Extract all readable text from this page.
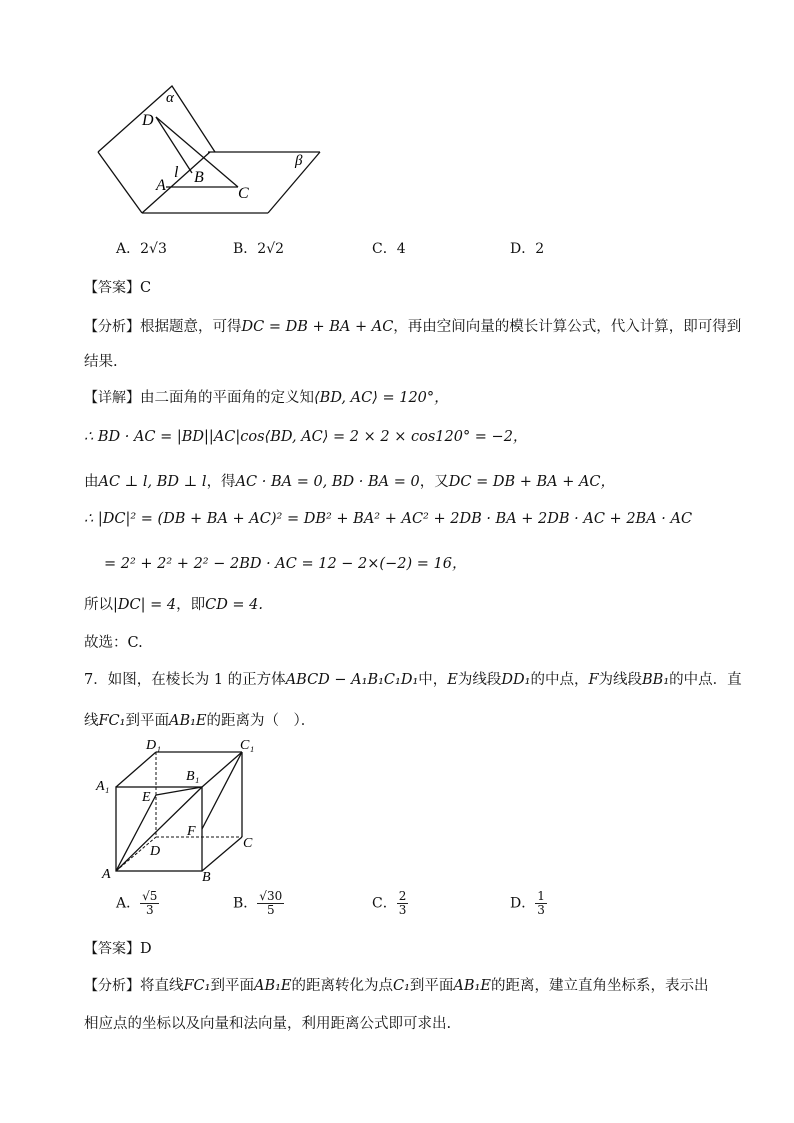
α
β
D
A
l B
C
A．2√3	B．2√2	C．4	D．2
【答案】C
【分析】根据题意，可得DC = DB + BA + AC，再由空间向量的模长计算公式，代入计算，即可得到
结果.
【详解】由二面角的平面角的定义知⟨BD, AC⟩ = 120°，
∴ BD · AC = |BD||AC|cos⟨BD, AC⟩ = 2 × 2 × cos120° = −2，
由AC ⊥ l, BD ⊥ l，得AC · BA = 0, BD · BA = 0，又DC = DB + BA + AC，
∴ |DC|² = (DB + BA + AC)² = DB² + BA² + AC² + 2DB · BA + 2DB · AC + 2BA · AC
= 2² + 2² + 2² − 2BD · AC = 12 − 2×(−2) = 16，
所以|DC| = 4，即CD = 4.
故选：C.
7．如图，在棱长为 1 的正方体ABCD − A₁B₁C₁D₁中，E为线段DD₁的中点，F为线段BB₁的中点．直
线FC₁到平面AB₁E的距离为（　）．
D₁	C₁
A₁
B₁
E
F
D
C
A	B
A． $\frac{√5}{3}$	B． $\frac{√30}{5}$	C． $\frac{2}{3}$	D． $\frac{1}{3}$
【答案】D
【分析】将直线FC₁到平面AB₁E的距离转化为点C₁到平面AB₁E的距离，建立直角坐标系，表示出
相应点的坐标以及向量和法向量，利用距离公式即可求出.
